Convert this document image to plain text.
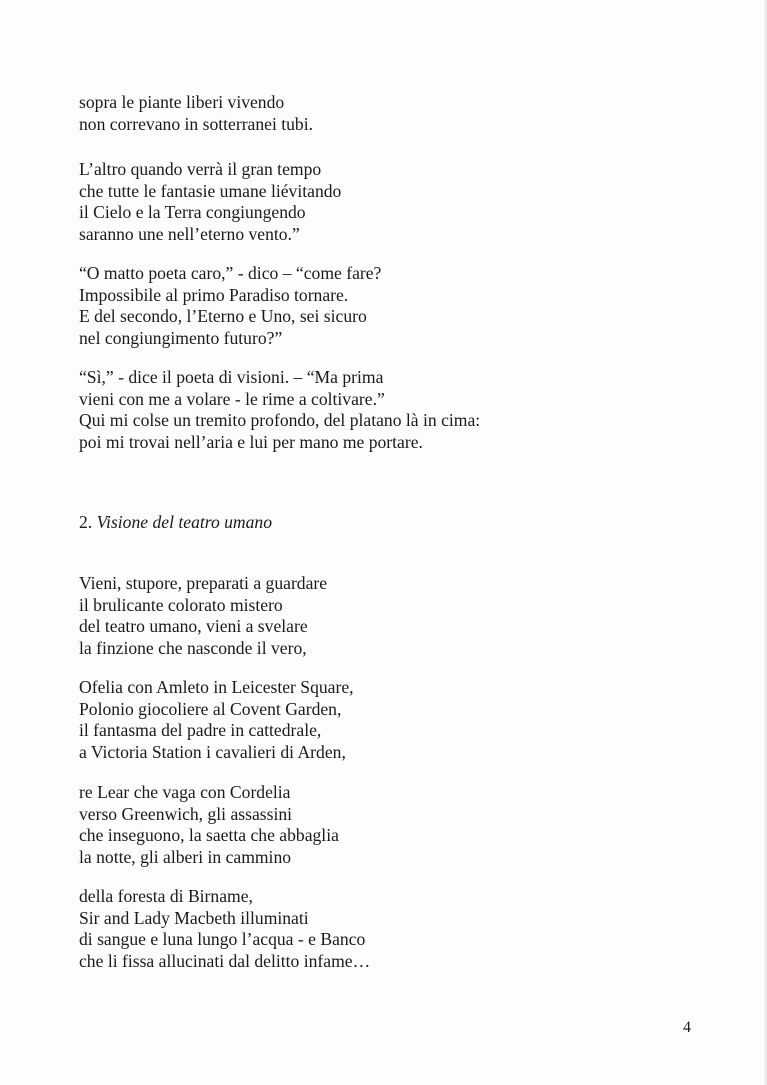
sopra le piante liberi vivendo
non correvano in sotterranei tubi.
L’altro quando verrà il gran tempo
che tutte le fantasie umane liévitando
il Cielo e la Terra congiungendo
saranno une nell’eterno vento.”
“O matto poeta caro,” - dico – “come fare?
Impossibile al primo Paradiso tornare.
E del secondo, l’Eterno e Uno, sei sicuro
nel congiungimento futuro?”
“Sì,” - dice il poeta di visioni. – “Ma prima
vieni con me a volare - le rime a coltivare.”
Qui mi colse un tremito profondo, del platano là in cima:
poi mi trovai nell’aria e lui per mano me portare.
2. Visione del teatro umano
Vieni, stupore, preparati a guardare
il brulicante colorato mistero
del teatro umano, vieni a svelare
la finzione che nasconde il vero,
Ofelia con Amleto in Leicester Square,
Polonio giocoliere al Covent Garden,
il fantasma del padre in cattedrale,
a Victoria Station i cavalieri di Arden,
re Lear che vaga con Cordelia
verso Greenwich, gli assassini
che inseguono, la saetta che abbaglia
la notte, gli alberi in cammino
della foresta di Birname,
Sir and Lady Macbeth illuminati
di sangue e luna lungo l’acqua - e Banco
che li fissa allucinati dal delitto infame…
4
